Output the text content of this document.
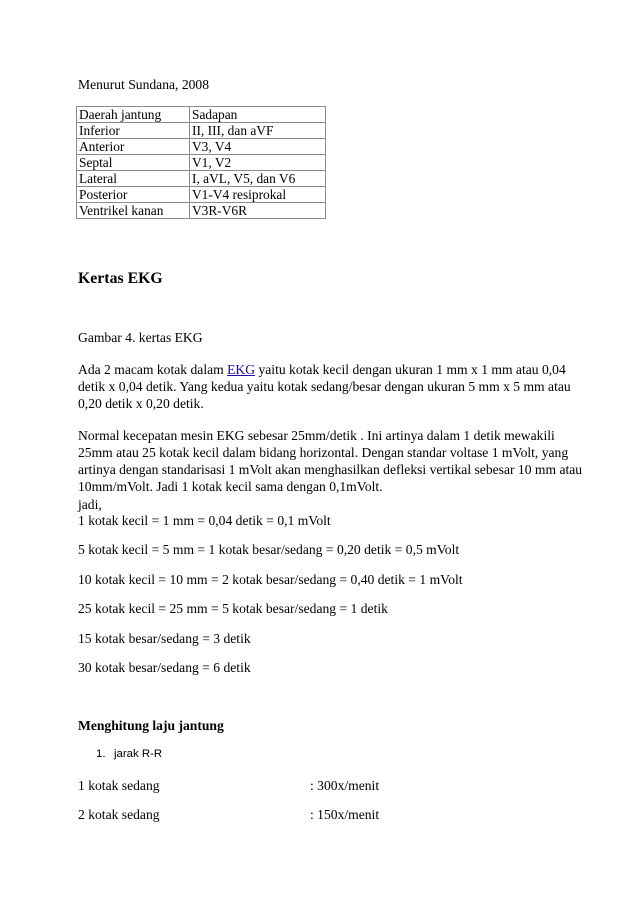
Menurut Sundana, 2008
Daerah jantung	Sadapan
Inferior	II, III, dan aVF
Anterior	V3, V4
Septal	V1, V2
Lateral	I, aVL, V5, dan V6
Posterior	V1-V4 resiprokal
Ventrikel kanan	V3R-V6R
Kertas EKG
Gambar 4. kertas EKG
Ada 2 macam kotak dalam EKG yaitu kotak kecil dengan ukuran 1 mm x 1 mm atau 0,04
detik x 0,04 detik. Yang kedua yaitu kotak sedang/besar dengan ukuran 5 mm x 5 mm atau
0,20 detik x 0,20 detik.
Normal kecepatan mesin EKG sebesar 25mm/detik . Ini artinya dalam 1 detik mewakili
25mm atau 25 kotak kecil dalam bidang horizontal. Dengan standar voltase 1 mVolt, yang
artinya dengan standarisasi 1 mVolt akan menghasilkan defleksi vertikal sebesar 10 mm atau
10mm/mVolt. Jadi 1 kotak kecil sama dengan 0,1mVolt.
jadi,
1 kotak kecil = 1 mm = 0,04 detik = 0,1 mVolt
5 kotak kecil = 5 mm = 1 kotak besar/sedang = 0,20 detik = 0,5 mVolt
10 kotak kecil = 10 mm = 2 kotak besar/sedang = 0,40 detik = 1 mVolt
25 kotak kecil = 25 mm = 5 kotak besar/sedang = 1 detik
15 kotak besar/sedang = 3 detik
30 kotak besar/sedang = 6 detik
Menghitung laju jantung
1. jarak R-R
1 kotak sedang	: 300x/menit
2 kotak sedang	: 150x/menit
